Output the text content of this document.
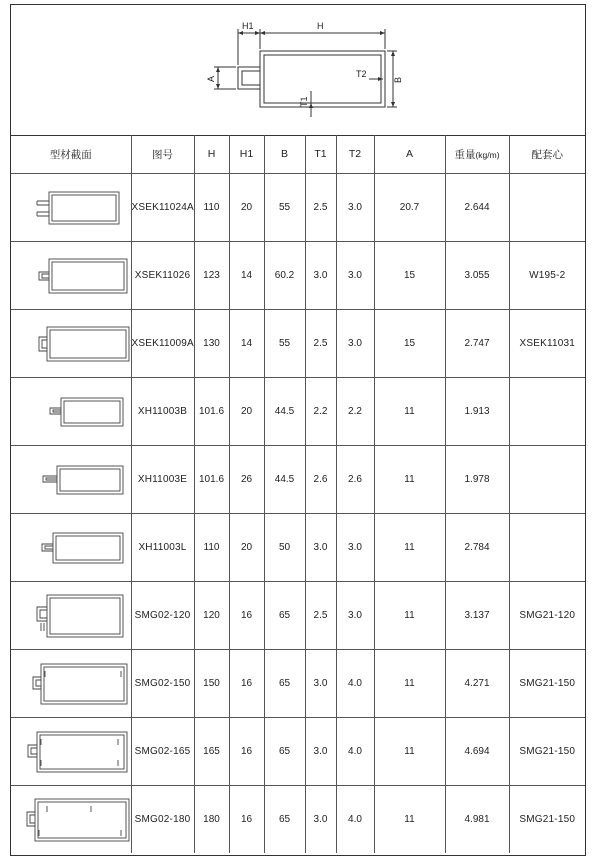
H1	H
B
A	T2
T1
型材截面	图号	H	H1	B	T1	T2	A	重量(kg/m)	配套心

	XSEK11024A	110	20	55	2.5	3.0	20.7	2.644	

	XSEK11026	123	14	60.2	3.0	3.0	15	3.055	W195-2

	XSEK11009A	130	14	55	2.5	3.0	15	2.747	XSEK11031

	XH11003B	101.6	20	44.5	2.2	2.2	11	1.913	

	XH11003E	101.6	26	44.5	2.6	2.6	11	1.978	

	XH11003L	110	20	50	3.0	3.0	11	2.784	

	SMG02-120	120	16	65	2.5	3.0	11	3.137	SMG21-120

	SMG02-150	150	16	65	3.0	4.0	11	4.271	SMG21-150

	SMG02-165	165	16	65	3.0	4.0	11	4.694	SMG21-150

	SMG02-180	180	16	65	3.0	4.0	11	4.981	SMG21-150
